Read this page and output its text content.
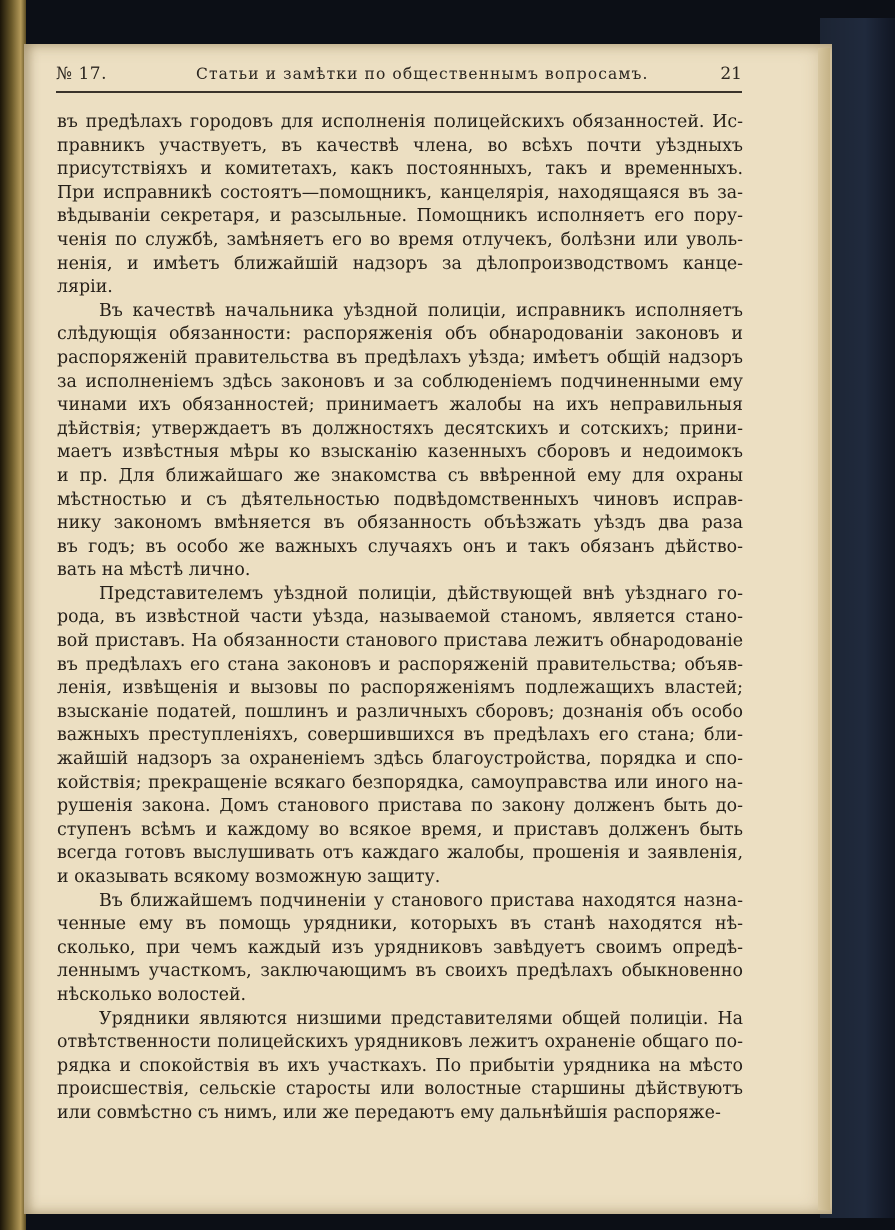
№ 17.	Статьи и замѣтки по общественнымъ вопросамъ.	21

въ предѣлахъ городовъ для исполненія полицейскихъ обязанностей. Ис-
правникъ участвуетъ, въ качествѣ члена, во всѣхъ почти уѣздныхъ
присутствіяхъ и комитетахъ, какъ постоянныхъ, такъ и временныхъ.
При исправникѣ состоятъ—помощникъ, канцелярія, находящаяся въ за-
вѣдываніи секретаря, и разсыльные. Помощникъ исполняетъ его пору-
ченія по службѣ, замѣняетъ его во время отлучекъ, болѣзни или уволь-
ненія, и имѣетъ ближайшій надзоръ за дѣлопроизводствомъ канце-
ляріи.

Въ качествѣ начальника уѣздной полиціи, исправникъ исполняетъ
слѣдующія обязанности: распоряженія объ обнародованіи законовъ и
распоряженій правительства въ предѣлахъ уѣзда; имѣетъ общій надзоръ
за исполненіемъ здѣсь законовъ и за соблюденіемъ подчиненными ему
чинами ихъ обязанностей; принимаетъ жалобы на ихъ неправильныя
дѣйствія; утверждаетъ въ должностяхъ десятскихъ и сотскихъ; прини-
маетъ извѣстныя мѣры ко взысканію казенныхъ сборовъ и недоимокъ
и пр. Для ближайшаго же знакомства съ ввѣренной ему для охраны
мѣстностью и съ дѣятельностью подвѣдомственныхъ чиновъ исправ-
нику закономъ вмѣняется въ обязанность объѣзжать уѣздъ два раза
въ годъ; въ особо же важныхъ случаяхъ онъ и такъ обязанъ дѣйство-
вать на мѣстѣ лично.

Представителемъ уѣздной полиціи, дѣйствующей внѣ уѣзднаго го-
рода, въ извѣстной части уѣзда, называемой станомъ, является стано-
вой приставъ. На обязанности станового пристава лежитъ обнародованіе
въ предѣлахъ его стана законовъ и распоряженій правительства; объяв-
ленія, извѣщенія и вызовы по распоряженіямъ подлежащихъ властей;
взысканіе податей, пошлинъ и различныхъ сборовъ; дознанія объ особо
важныхъ преступленіяхъ, совершившихся въ предѣлахъ его стана; бли-
жайшій надзоръ за охраненіемъ здѣсь благоустройства, порядка и спо-
койствія; прекращеніе всякаго безпорядка, самоуправства или иного на-
рушенія закона. Домъ станового пристава по закону долженъ быть до-
ступенъ всѣмъ и каждому во всякое время, и приставъ долженъ быть
всегда готовъ выслушивать отъ каждаго жалобы, прошенія и заявленія,
и оказывать всякому возможную защиту.

Въ ближайшемъ подчиненіи у станового пристава находятся назна-
ченные ему въ помощь урядники, которыхъ въ станѣ находятся нѣ-
сколько, при чемъ каждый изъ урядниковъ завѣдуетъ своимъ опредѣ-
леннымъ участкомъ, заключающимъ въ своихъ предѣлахъ обыкновенно
нѣсколько волостей.

Урядники являются низшими представителями общей полиціи. На
отвѣтственности полицейскихъ урядниковъ лежитъ охраненіе общаго по-
рядка и спокойствія въ ихъ участкахъ. По прибытіи урядника на мѣсто
происшествія, сельскіе старосты или волостные старшины дѣйствуютъ
или совмѣстно съ нимъ, или же передаютъ ему дальнѣйшія распоряже-
